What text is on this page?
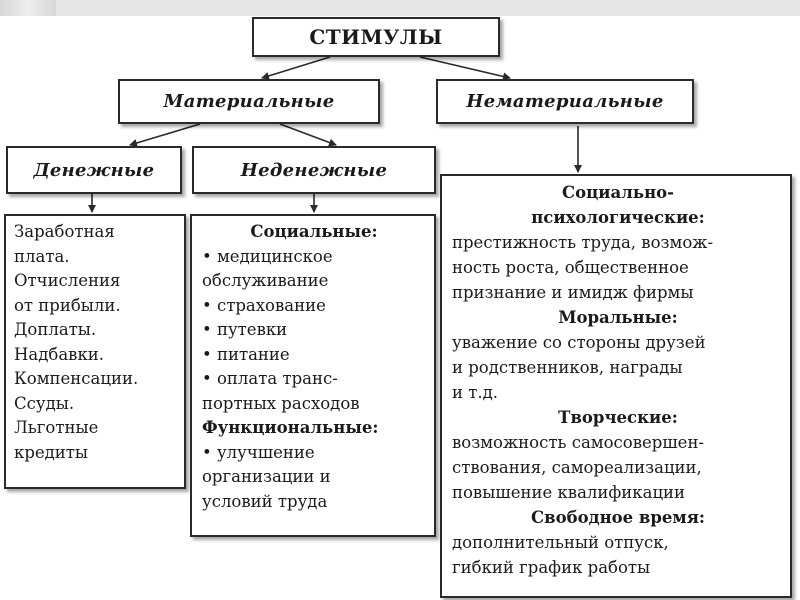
СТИМУЛЫ
Материальные	Нематериальные
Денежные	Неденежные
Заработная
плата.
Отчисления
от прибыли.
Доплаты.
Надбавки.
Компенсации.
Ссуды.
Льготные
кредиты
Социальные:
• медицинское
обслуживание
• страхование
• путевки
• питание
• оплата транс-
портных расходов
Функциональные:
• улучшение
организации и
условий труда
Социально-
психологические:
престижность труда, возмож-
ность роста, общественное
признание и имидж фирмы
Моральные:
уважение со стороны друзей
и родственников, награды
и т.д.
Творческие:
возможность самосовершен-
ствования, самореализации,
повышение квалификации
Свободное время:
дополнительный отпуск,
гибкий график работы
